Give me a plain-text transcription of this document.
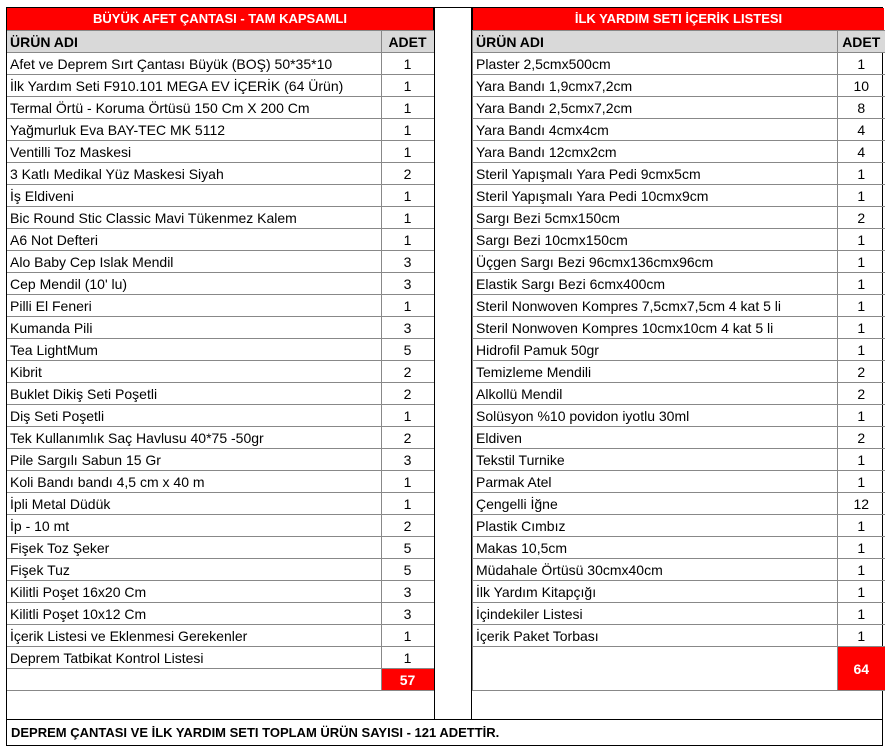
BÜYÜK AFET ÇANTASI - TAM KAPSAMLI
ÜRÜN ADI	ADET
Afet ve Deprem Sırt Çantası Büyük (BOŞ) 50*35*10	1
İlk Yardım Seti F910.101 MEGA EV İÇERİK (64 Ürün)	1
Termal Örtü - Koruma Örtüsü 150 Cm X 200 Cm	1
Yağmurluk Eva BAY-TEC MK 5112	1
Ventilli Toz Maskesi	1
3 Katlı Medikal Yüz Maskesi Siyah	2
İş Eldiveni	1
Bic Round Stic Classic Mavi Tükenmez Kalem	1
A6 Not Defteri	1
Alo Baby Cep Islak Mendil	3
Cep Mendil (10' lu)	3
Pilli El Feneri	1
Kumanda Pili	3
Tea LightMum	5
Kibrit	2
Buklet Dikiş Seti Poşetli	2
Diş Seti Poşetli	1
Tek Kullanımlık Saç Havlusu 40*75 -50gr	2
Pile Sargılı Sabun 15 Gr	3
Koli Bandı bandı 4,5 cm x 40 m	1
İpli Metal Düdük	1
İp - 10 mt	2
Fişek Toz Şeker	5
Fişek Tuz	5
Kilitli Poşet 16x20 Cm	3
Kilitli Poşet 10x12 Cm	3
İçerik Listesi ve Eklenmesi Gerekenler	1
Deprem Tatbikat Kontrol Listesi	1
	57
İLK YARDIM SETI İÇERİK LISTESI
ÜRÜN ADI	ADET
Plaster 2,5cmx500cm	1
Yara Bandı 1,9cmx7,2cm	10
Yara Bandı 2,5cmx7,2cm	8
Yara Bandı 4cmx4cm	4
Yara Bandı 12cmx2cm	4
Steril Yapışmalı Yara Pedi 9cmx5cm	1
Steril Yapışmalı Yara Pedi 10cmx9cm	1
Sargı Bezi 5cmx150cm	2
Sargı Bezi 10cmx150cm	1
Üçgen Sargı Bezi 96cmx136cmx96cm	1
Elastik Sargı Bezi 6cmx400cm	1
Steril Nonwoven Kompres 7,5cmx7,5cm 4 kat 5 li	1
Steril Nonwoven Kompres 10cmx10cm 4 kat 5 li	1
Hidrofil Pamuk 50gr	1
Temizleme Mendili	2
Alkollü Mendil	2
Solüsyon %10 povidon iyotlu 30ml	1
Eldiven	2
Tekstil Turnike	1
Parmak Atel	1
Çengelli İğne	12
Plastik Cımbız	1
Makas 10,5cm	1
Müdahale Örtüsü 30cmx40cm	1
İlk Yardım Kitapçığı	1
İçindekiler Listesi	1
İçerik Paket Torbası	1
	64
DEPREM ÇANTASI VE İLK YARDIM SETI TOPLAM ÜRÜN SAYISI - 121 ADETTİR.
